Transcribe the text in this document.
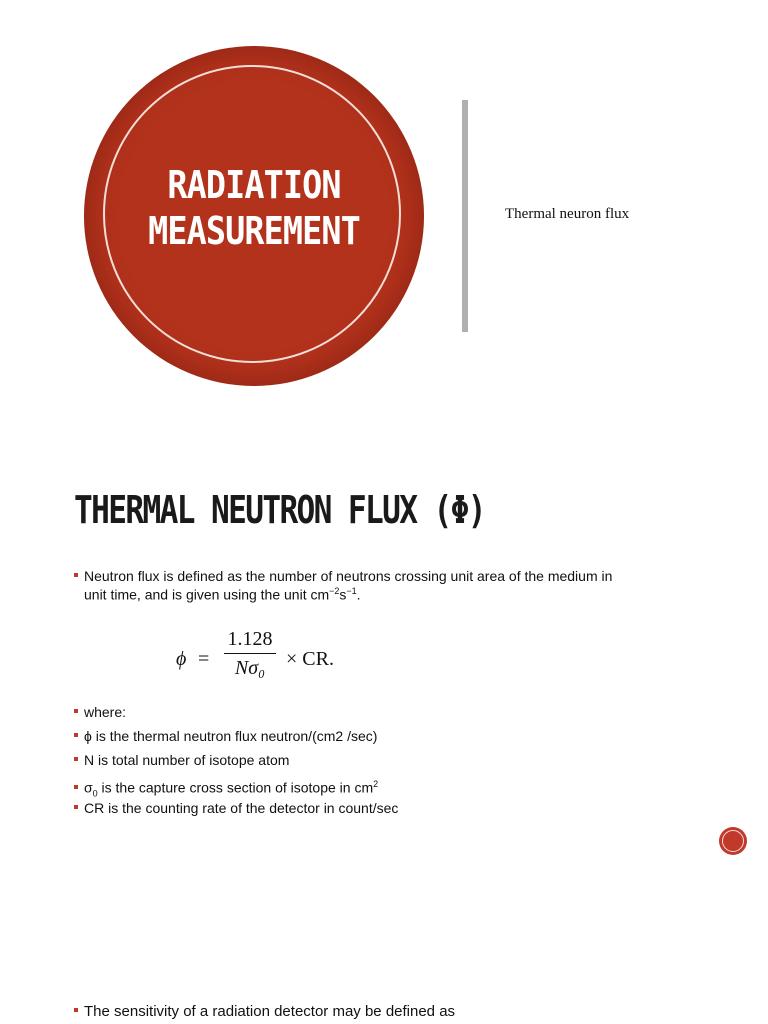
RADIATION
MEASUREMENT	Thermal neuron flux
THERMAL NEUTRON FLUX (Φ)
Neutron flux is defined as the number of neutrons crossing unit area of the medium in
unit time, and is given using the unit $cm^{-2}s^{-1}$.
ϕ =
1.128
Nσ₀	× CR.
where:
ϕ is the thermal neutron flux neutron/(cm2 /sec)
N is total number of isotope atom
$\sigma_0$ is the capture cross section of isotope in $cm^2$
CR is the counting rate of the detector in count/sec
The sensitivity of a radiation detector may be defined as
